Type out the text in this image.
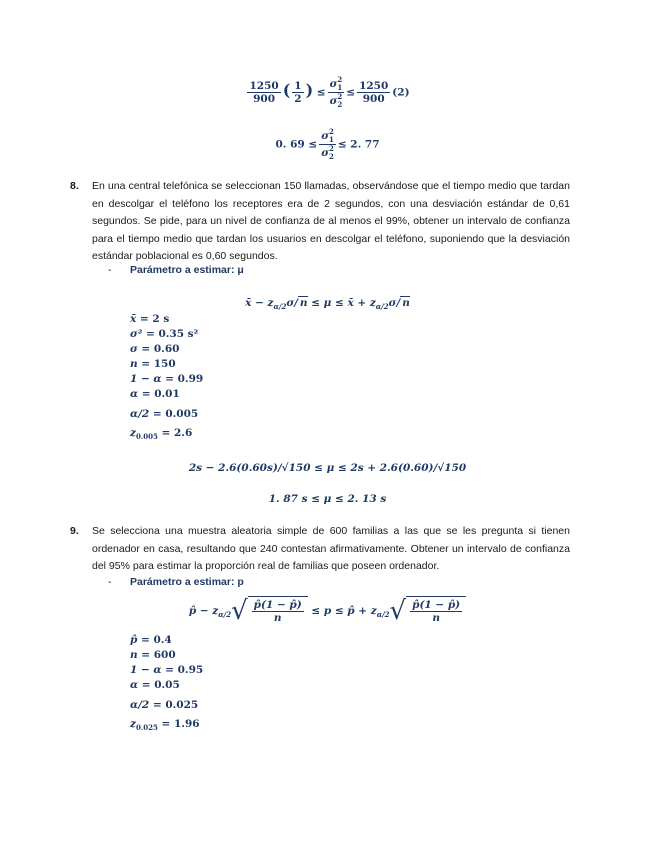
$\frac{1250}{900}$ ( $\frac{1}{2}$ ) ≤ σ 2
1
σ 2
$2 \le \frac{1250}{900} (2)$
0. 69 ≤ σ 2
1
σ 2
2 ≤ 2. 77
8. En una central telefónica se seleccionan 150 llamadas, observándose que el tiempo medio que tardan en descolgar el teléfono los receptores era de 2 segundos, con una desviación estándar de 0,61 segundos. Se pide, para un nivel de confianza de al menos el 99%, obtener un intervalo de confianza para el tiempo medio que tardan los usuarios en descolgar el teléfono, suponiendo que la desviación estándar poblacional es 0,60 segundos.
- Parámetro a estimar: μ
x̄ − $z_{\alpha/2}\sigma/$ n ≤ μ ≤ x̄ + $z_{\alpha/2}\sigma/$ n
x̄ = 2 s
σ² = 0.35 s²
σ = 0.60
n = 150
1 − α = 0.99
α = 0.01
α/2 = 0.005
$z_{0.005} = 2.6$
2s − 2.6(0.60s)/√150 ≤ μ ≤ 2s + 2.6(0.60)/√150
1. 87 s ≤ μ ≤ 2. 13 s
9. Se selecciona una muestra aleatoria simple de 600 familias a las que se les pregunta si tienen ordenador en casa, resultando que 240 contestan afirmativamente. Obtener un intervalo de confianza del 95% para estimar la proporción real de familias que poseen ordenador.
- Parámetro a estimar: p
p̂ − $z_{\alpha/2}$ √ $\frac{p̂(1 - p̂)}{n} \le p$ ≤ p̂ + $z_{\alpha/2}$ √ $\frac{p̂(1 - p̂)}{n}$
p̂ = 0.4
n = 600
1 − α = 0.95
α = 0.05
α/2 = 0.025
$z_{0.025} = 1.96$
